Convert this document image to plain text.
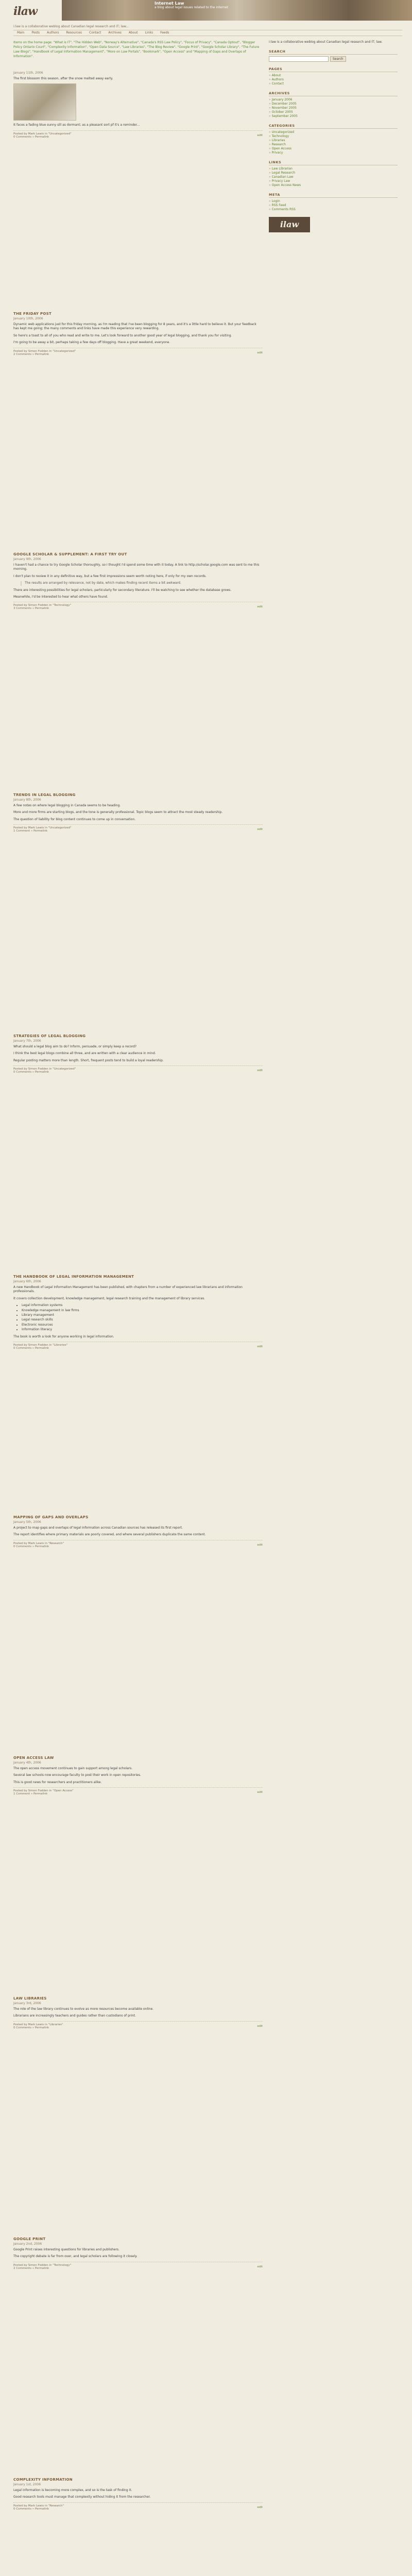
ilaw
Internet Law
a blog about legal issues related to the internet
i:law is a collaborative weblog about Canadian legal research and IT; law...
Main Posts Authors Resources Contact Archives About Links Feeds
Items on the home page: "What is IT", "The Hidden Web", "Norway's Alternative", "Canada's RSS Law Policy", "Focus of Privacy", "Canada Optout", "Blogger Policy Ontario Court", "Complexity Information", "Open Data Source", "Law Libraries", "The Blog Review", "Google Print", "Google Scholar Library", "The Future Law Blogs", "Handbook of Legal Information Management", "More on Law Portals", "Bookmark", "Open Access" and "Mapping of Gaps and Overlaps of Information".
January 11th, 2006

The first blossom this season, after the snow melted away early.

It faces a fading blue sunny sill as dormant; as a pleasant sort pf it's a reminder...

Posted by Mark Lewis in "Uncategorized"
0 Comments » Permalink	edit
THE FRIDAY POST
January 10th, 2006

Dynamic web applications just for this friday morning, as I'm reading that I've been blogging for 8 years, and it's a little hard to believe it. But your feedback has kept me going; the many comments and links have made this experience very rewarding.

So here's a toast to all of you who read and write to me. Let's look forward to another good year of legal blogging, and thank you for visiting.

I'm going to be away a bit, perhaps taking a few days off blogging. Have a great weekend, everyone.

Posted by Simon Fodden in "Uncategorized"
2 Comments » Permalink	edit
GOOGLE SCHOLAR & SUPPLEMENT: A FIRST TRY OUT
January 9th, 2006

I haven't had a chance to try Google Scholar thoroughly, so I thought I'd spend some time with it today. A link to http://scholar.google.com was sent to me this morning.

I don't plan to review it in any definitive way, but a few first impressions seem worth noting here, if only for my own records.

The results are arranged by relevance, not by date, which makes finding recent items a bit awkward.

There are interesting possibilities for legal scholars, particularly for secondary literature. I'll be watching to see whether the database grows.

Meanwhile, I'd be interested to hear what others have found.

Posted by Simon Fodden in "Technology"
3 Comments » Permalink	edit
TRENDS IN LEGAL BLOGGING
January 8th, 2006

A few notes on where legal blogging in Canada seems to be heading.

More and more firms are starting blogs, and the tone is generally professional. Topic blogs seem to attract the most steady readership.

The question of liability for blog content continues to come up in conversation.

Posted by Mark Lewis in "Uncategorized"
1 Comment » Permalink	edit
STRATEGIES OF LEGAL BLOGGING
January 7th, 2006

What should a legal blog aim to do? Inform, persuade, or simply keep a record?

I think the best legal blogs combine all three, and are written with a clear audience in mind.

Regular posting matters more than length. Short, frequent posts tend to build a loyal readership.

Posted by Simon Fodden in "Uncategorized"
0 Comments » Permalink	edit
THE HANDBOOK OF LEGAL INFORMATION MANAGEMENT
January 6th, 2006

A new Handbook of Legal Information Management has been published, with chapters from a number of experienced law librarians and information professionals.

It covers collection development, knowledge management, legal research training and the management of library services.

• Legal information systems
• Knowledge management in law firms
• Library management
• Legal research skills
• Electronic resources
• Information literacy

The book is worth a look for anyone working in legal information.

Posted by Simon Fodden in "Libraries"
0 Comments » Permalink	edit
MAPPING OF GAPS AND OVERLAPS
January 5th, 2006

A project to map gaps and overlaps of legal information across Canadian sources has released its first report.

The report identifies where primary materials are poorly covered, and where several publishers duplicate the same content.

Posted by Mark Lewis in "Research"
0 Comments » Permalink	edit
OPEN ACCESS LAW
January 4th, 2006

The open access movement continues to gain support among legal scholars.

Several law schools now encourage faculty to post their work in open repositories.

This is good news for researchers and practitioners alike.

Posted by Simon Fodden in "Open Access"
1 Comment » Permalink	edit
LAW LIBRARIES
January 3rd, 2006

The role of the law library continues to evolve as more resources become available online.

Librarians are increasingly teachers and guides rather than custodians of print.

Posted by Mark Lewis in "Libraries"
0 Comments » Permalink	edit
GOOGLE PRINT
January 2nd, 2006

Google Print raises interesting questions for libraries and publishers.

The copyright debate is far from over, and legal scholars are following it closely.

Posted by Simon Fodden in "Technology"
2 Comments » Permalink	edit
COMPLEXITY INFORMATION
January 1st, 2006

Legal information is becoming more complex, and so is the task of finding it.

Good research tools must manage that complexity without hiding it from the researcher.

Posted by Mark Lewis in "Research"
0 Comments » Permalink	edit

i:law is a collaborative weblog about Canadian legal research and IT; law.
SEARCH
Search
PAGES
» About
» Authors
» Contact
ARCHIVES
» January 2006
» December 2005
» November 2005
» October 2005
» September 2005
CATEGORIES
» Uncategorized
» Technology
» Libraries
» Research
» Open Access
» Privacy
LINKS
» Law Librarian
» Legal Research
» Canadian Law
» Privacy Law
» Open Access News
META
» Login
» RSS Feed
» Comments RSS
ilaw
